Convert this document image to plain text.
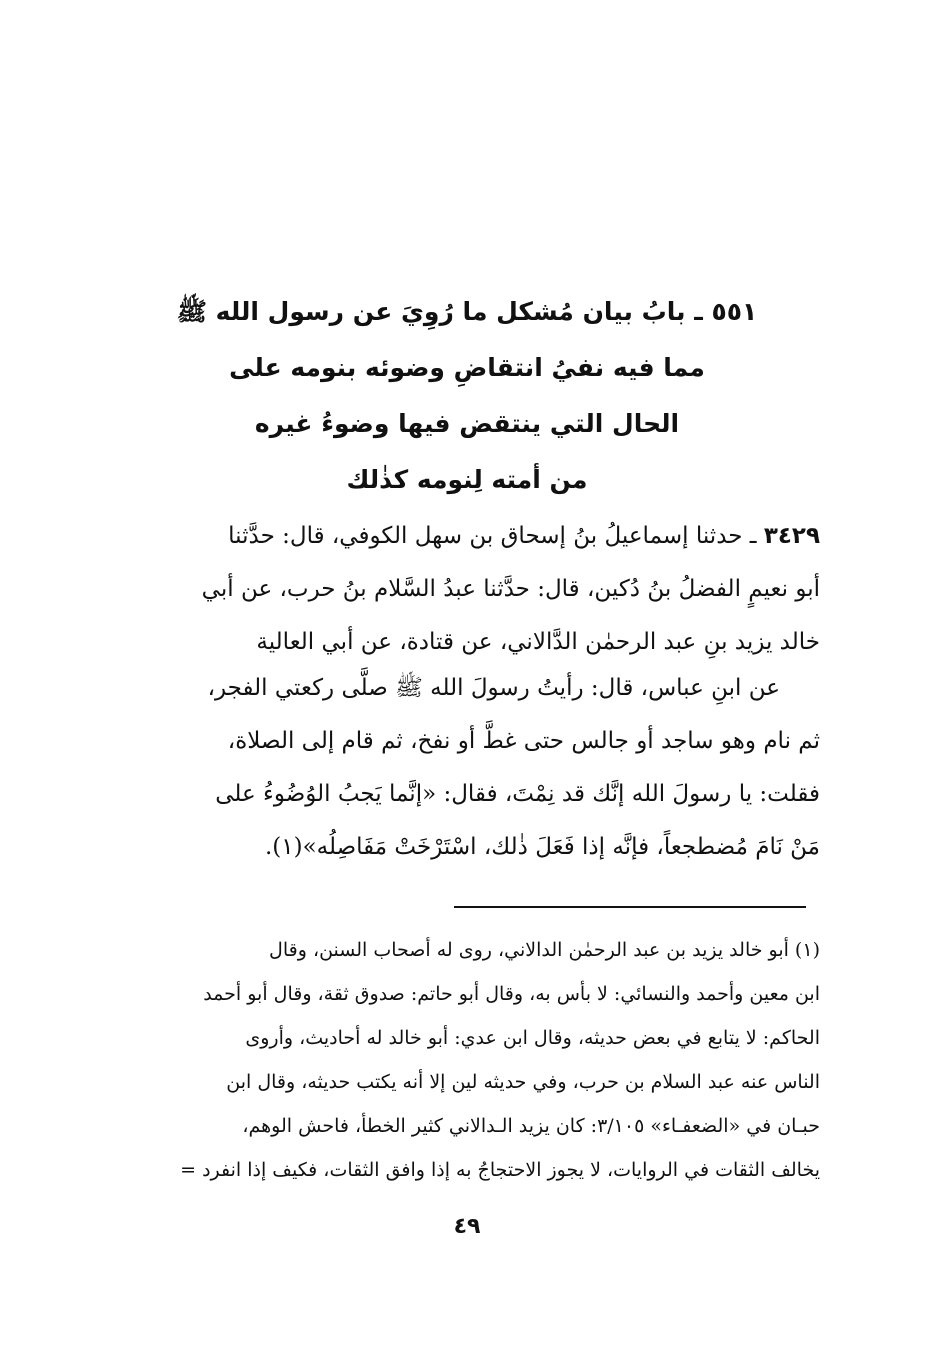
٥٥١ ـ بابُ بيان مُشكل ما رُوِيَ عن رسول الله ﷺ
مما فيه نفيُ انتقاضِ وضوئه بنومه على
الحال التي ينتقض فيها وضوءُ غيره
من أمته لِنومه كذٰلك
٣٤٢٩ ـ حدثنا إسماعيلُ بنُ إسحاق بن سهل الكوفي، قال: حدَّثنا
أبو نعيمٍ الفضلُ بنُ دُكين، قال: حدَّثنا عبدُ السَّلام بنُ حرب، عن أبي
خالد يزيد بنِ عبد الرحمٰن الدَّالاني، عن قتادة، عن أبي العالية
عن ابنِ عباس، قال: رأيتُ رسولَ الله ﷺ صلَّى ركعتي الفجر،
ثم نام وهو ساجد أو جالس حتى غطَّ أو نفخ، ثم قام إلى الصلاة،
فقلت: يا رسولَ الله إنَّك قد نِمْتَ، فقال: «إنَّما يَجبُ الوُضُوءُ على
مَنْ نَامَ مُضطجعاً، فإنَّه إذا فَعَلَ ذٰلك، اسْتَرْخَتْ مَفَاصِلُه»(١).
(١) أبو خالد يزيد بن عبد الرحمٰن الدالاني، روى له أصحاب السنن، وقال
ابن معين وأحمد والنسائي: لا بأس به، وقال أبو حاتم: صدوق ثقة، وقال أبو أحمد
الحاكم: لا يتابع في بعض حديثه، وقال ابن عدي: أبو خالد له أحاديث، وأروى
الناس عنه عبد السلام بن حرب، وفي حديثه لين إلا أنه يكتب حديثه، وقال ابن
حبـان في «الضعفـاء» ٣/١٠٥: كان يزيد الـدالاني كثير الخطأ، فاحش الوهم،
يخالف الثقات في الروايات، لا يجوز الاحتجاجُ به إذا وافق الثقات، فكيف إذا انفرد =
٤٩
